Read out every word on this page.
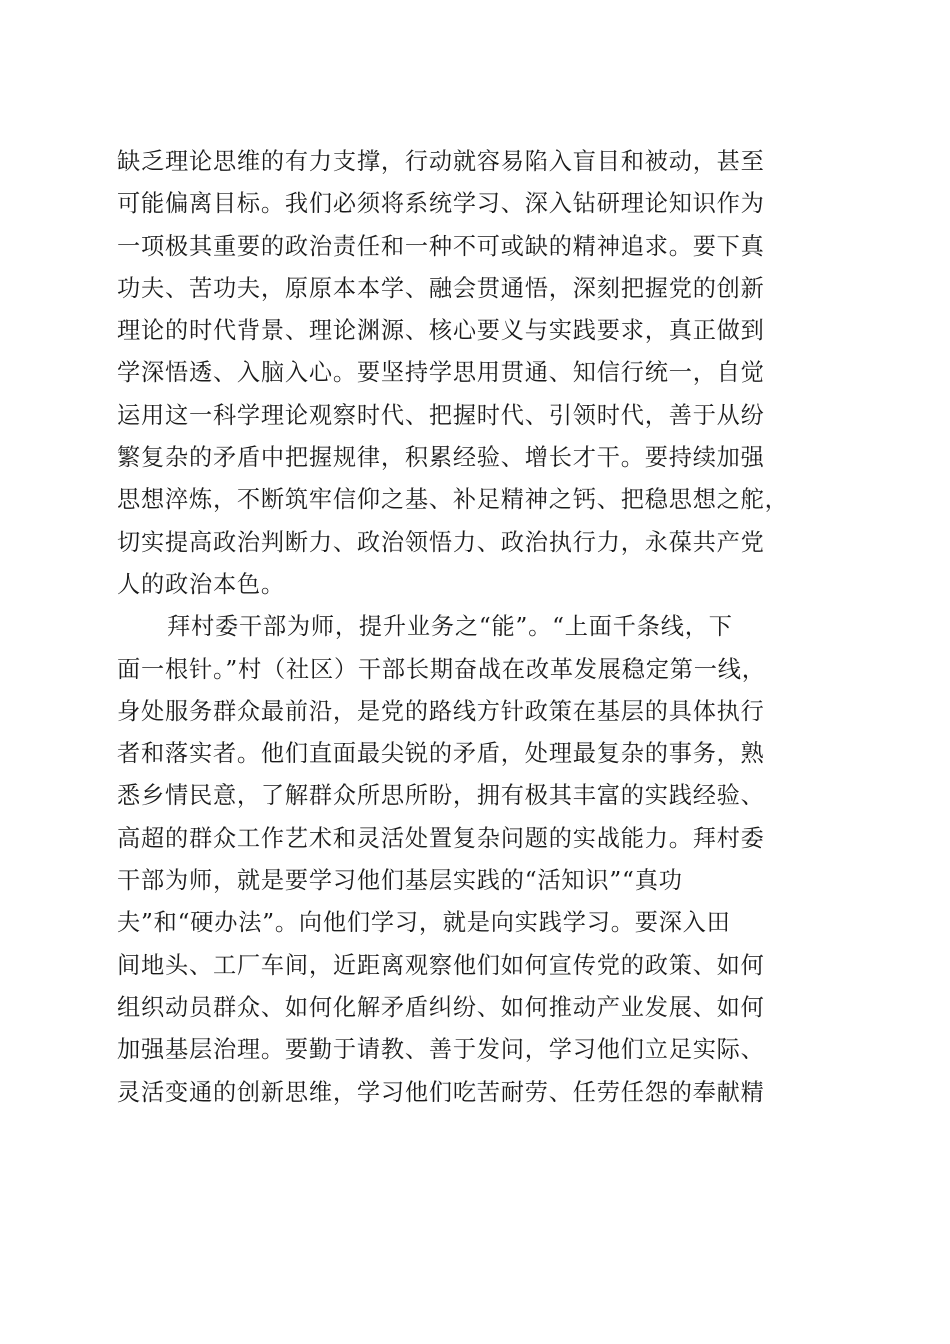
缺乏理论思维的有力支撑，行动就容易陷入盲目和被动，甚至
可能偏离目标。我们必须将系统学习、深入钻研理论知识作为
一项极其重要的政治责任和一种不可或缺的精神追求。要下真
功夫、苦功夫，原原本本学、融会贯通悟，深刻把握党的创新
理论的时代背景、理论渊源、核心要义与实践要求，真正做到
学深悟透、入脑入心。要坚持学思用贯通、知信行统一，自觉
运用这一科学理论观察时代、把握时代、引领时代，善于从纷
繁复杂的矛盾中把握规律，积累经验、增长才干。要持续加强
思想淬炼，不断筑牢信仰之基、补足精神之钙、把稳思想之舵，
切实提高政治判断力、政治领悟力、政治执行力，永葆共产党
人的政治本色。
拜村委干部为师，提升业务之“能”。“上面千条线，下
面一根针。”村（社区）干部长期奋战在改革发展稳定第一线，
身处服务群众最前沿，是党的路线方针政策在基层的具体执行
者和落实者。他们直面最尖锐的矛盾，处理最复杂的事务，熟
悉乡情民意，了解群众所思所盼，拥有极其丰富的实践经验、
高超的群众工作艺术和灵活处置复杂问题的实战能力。拜村委
干部为师，就是要学习他们基层实践的“活知识”“真功
夫”和“硬办法”。向他们学习，就是向实践学习。要深入田
间地头、工厂车间，近距离观察他们如何宣传党的政策、如何
组织动员群众、如何化解矛盾纠纷、如何推动产业发展、如何
加强基层治理。要勤于请教、善于发问，学习他们立足实际、
灵活变通的创新思维，学习他们吃苦耐劳、任劳任怨的奉献精
